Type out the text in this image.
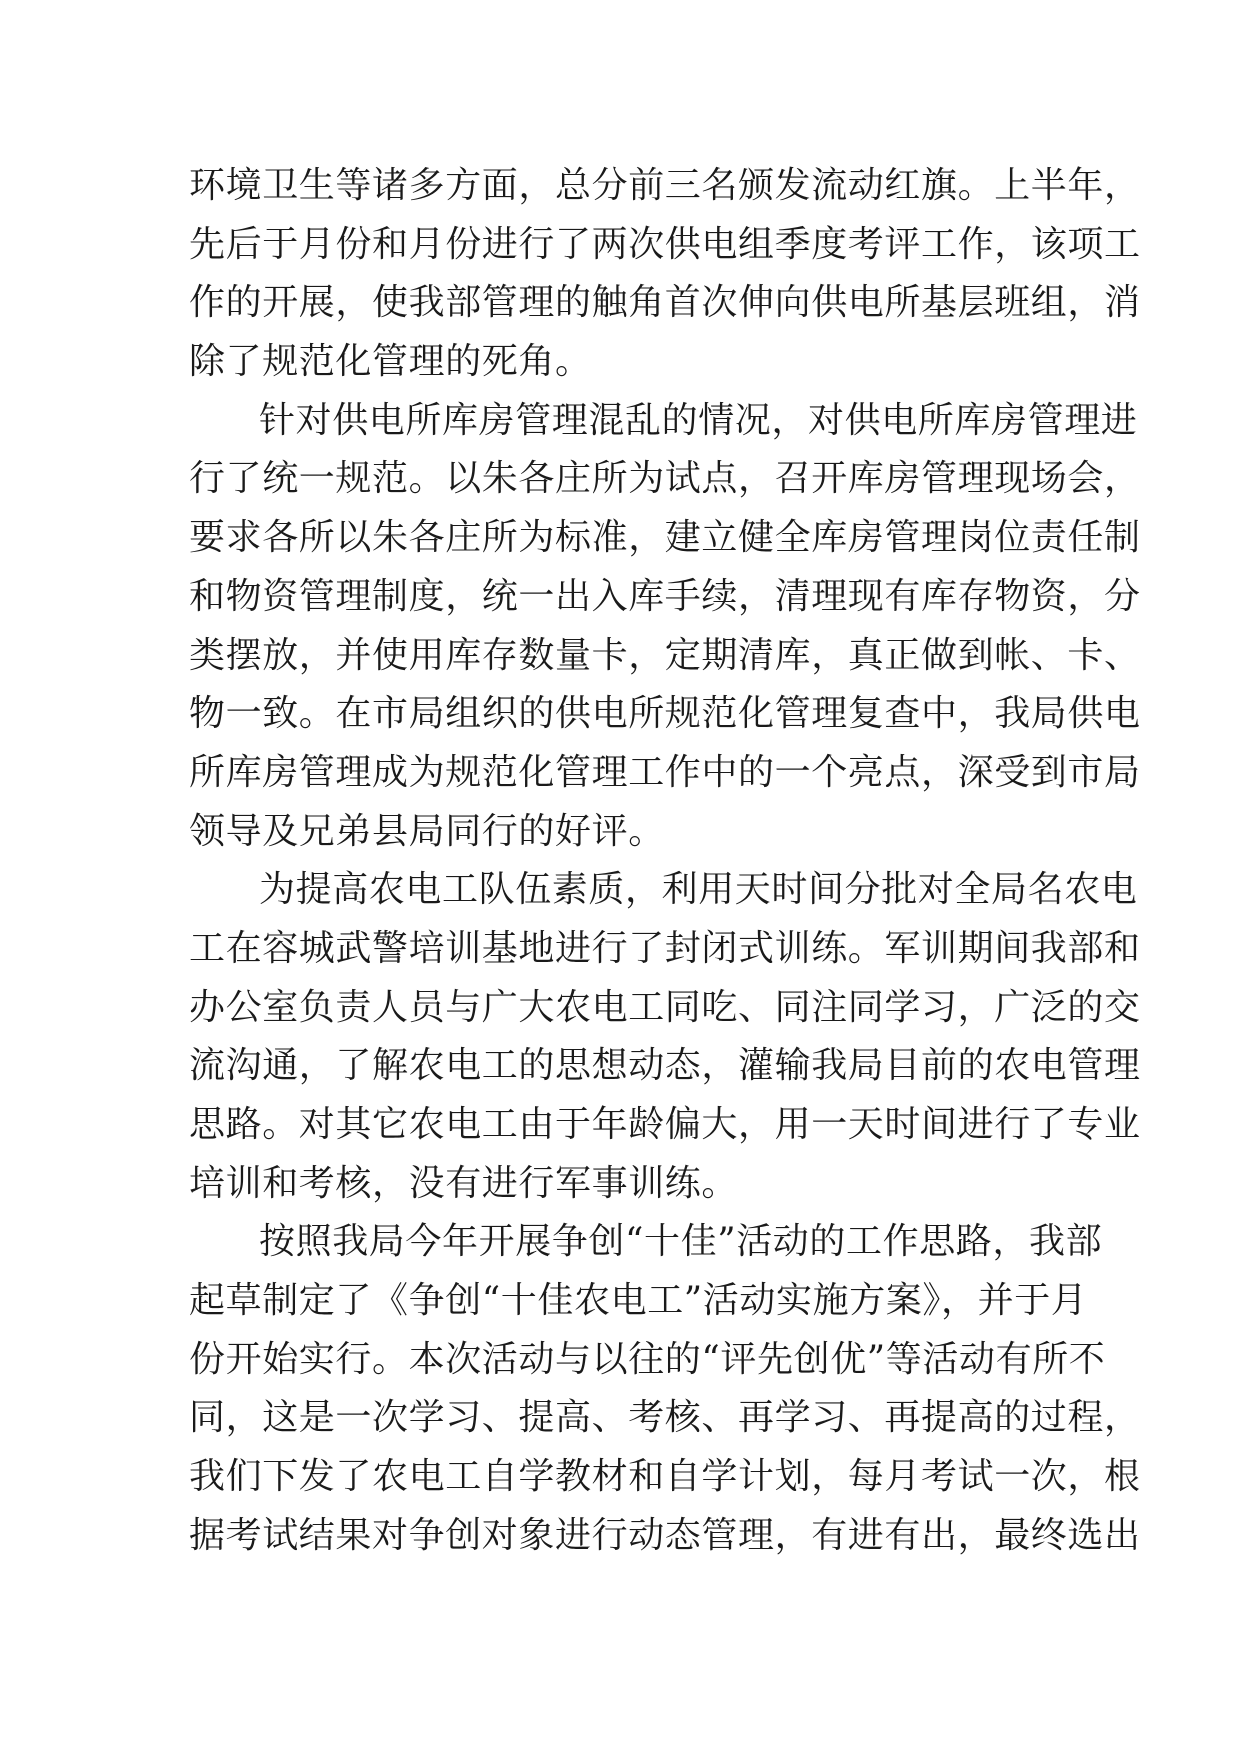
环境卫生等诸多方面，总分前三名颁发流动红旗。上半年，
先后于月份和月份进行了两次供电组季度考评工作，该项工
作的开展，使我部管理的触角首次伸向供电所基层班组，消
除了规范化管理的死角。
针对供电所库房管理混乱的情况，对供电所库房管理进
行了统一规范。以朱各庄所为试点，召开库房管理现场会，
要求各所以朱各庄所为标准，建立健全库房管理岗位责任制
和物资管理制度，统一出入库手续，清理现有库存物资，分
类摆放，并使用库存数量卡，定期清库，真正做到帐、卡、
物一致。在市局组织的供电所规范化管理复查中，我局供电
所库房管理成为规范化管理工作中的一个亮点，深受到市局
领导及兄弟县局同行的好评。
为提高农电工队伍素质，利用天时间分批对全局名农电
工在容城武警培训基地进行了封闭式训练。军训期间我部和
办公室负责人员与广大农电工同吃、同注同学习，广泛的交
流沟通，了解农电工的思想动态，灌输我局目前的农电管理
思路。对其它农电工由于年龄偏大，用一天时间进行了专业
培训和考核，没有进行军事训练。
按照我局今年开展争创“十佳”活动的工作思路，我部
起草制定了《争创“十佳农电工”活动实施方案》，并于月
份开始实行。本次活动与以往的“评先创优”等活动有所不
同，这是一次学习、提高、考核、再学习、再提高的过程，
我们下发了农电工自学教材和自学计划，每月考试一次，根
据考试结果对争创对象进行动态管理，有进有出，最终选出
